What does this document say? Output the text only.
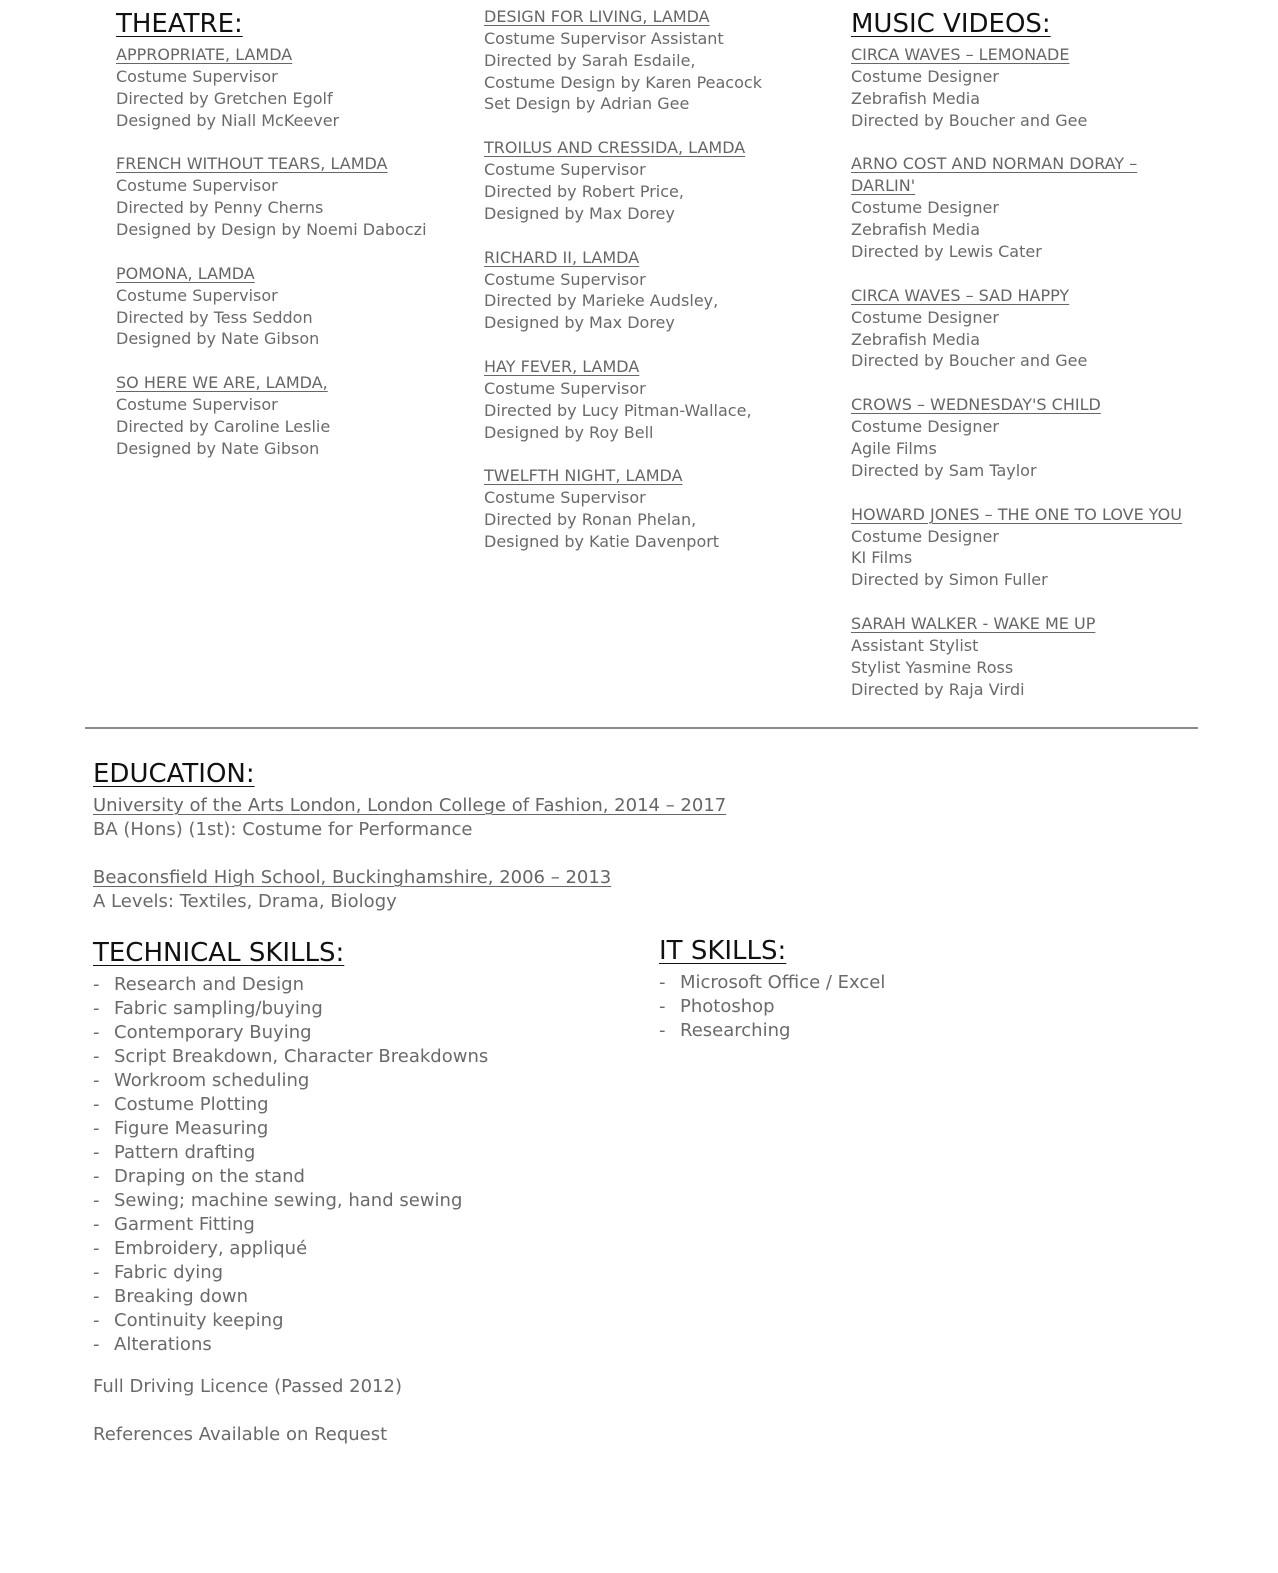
THEATRE:
APPROPRIATE, LAMDA
Costume Supervisor
Directed by Gretchen Egolf
Designed by Niall McKeever
FRENCH WITHOUT TEARS, LAMDA
Costume Supervisor
Directed by Penny Cherns
Designed by Design by Noemi Daboczi
POMONA, LAMDA
Costume Supervisor
Directed by Tess Seddon
Designed by Nate Gibson
SO HERE WE ARE, LAMDA,
Costume Supervisor
Directed by Caroline Leslie
Designed by Nate Gibson
DESIGN FOR LIVING, LAMDA
Costume Supervisor Assistant
Directed by Sarah Esdaile,
Costume Design by Karen Peacock
Set Design by Adrian Gee
TROILUS AND CRESSIDA, LAMDA
Costume Supervisor
Directed by Robert Price,
Designed by Max Dorey
RICHARD II, LAMDA
Costume Supervisor
Directed by Marieke Audsley,
Designed by Max Dorey
HAY FEVER, LAMDA
Costume Supervisor
Directed by Lucy Pitman-Wallace,
Designed by Roy Bell
TWELFTH NIGHT, LAMDA
Costume Supervisor
Directed by Ronan Phelan,
Designed by Katie Davenport
MUSIC VIDEOS:
CIRCA WAVES – LEMONADE
Costume Designer
Zebrafish Media
Directed by Boucher and Gee
ARNO COST AND NORMAN DORAY – DARLIN'
Costume Designer
Zebrafish Media
Directed by Lewis Cater
CIRCA WAVES – SAD HAPPY
Costume Designer
Zebrafish Media
Directed by Boucher and Gee
CROWS – WEDNESDAY'S CHILD
Costume Designer
Agile Films
Directed by Sam Taylor
HOWARD JONES – THE ONE TO LOVE YOU
Costume Designer
KI Films
Directed by Simon Fuller
SARAH WALKER - WAKE ME UP
Assistant Stylist
Stylist Yasmine Ross
Directed by Raja Virdi
EDUCATION:
University of the Arts London, London College of Fashion, 2014 – 2017
BA (Hons) (1st): Costume for Performance
Beaconsfield High School, Buckinghamshire, 2006 – 2013
A Levels: Textiles, Drama, Biology
TECHNICAL SKILLS:
- Research and Design
- Fabric sampling/buying
- Contemporary Buying
- Script Breakdown, Character Breakdowns
- Workroom scheduling
- Costume Plotting
- Figure Measuring
- Pattern drafting
- Draping on the stand
- Sewing; machine sewing, hand sewing
- Garment Fitting
- Embroidery, appliqué
- Fabric dying
- Breaking down
- Continuity keeping
- Alterations
IT SKILLS:
- Microsoft Office / Excel
- Photoshop
- Researching
Full Driving Licence (Passed 2012)
References Available on Request
